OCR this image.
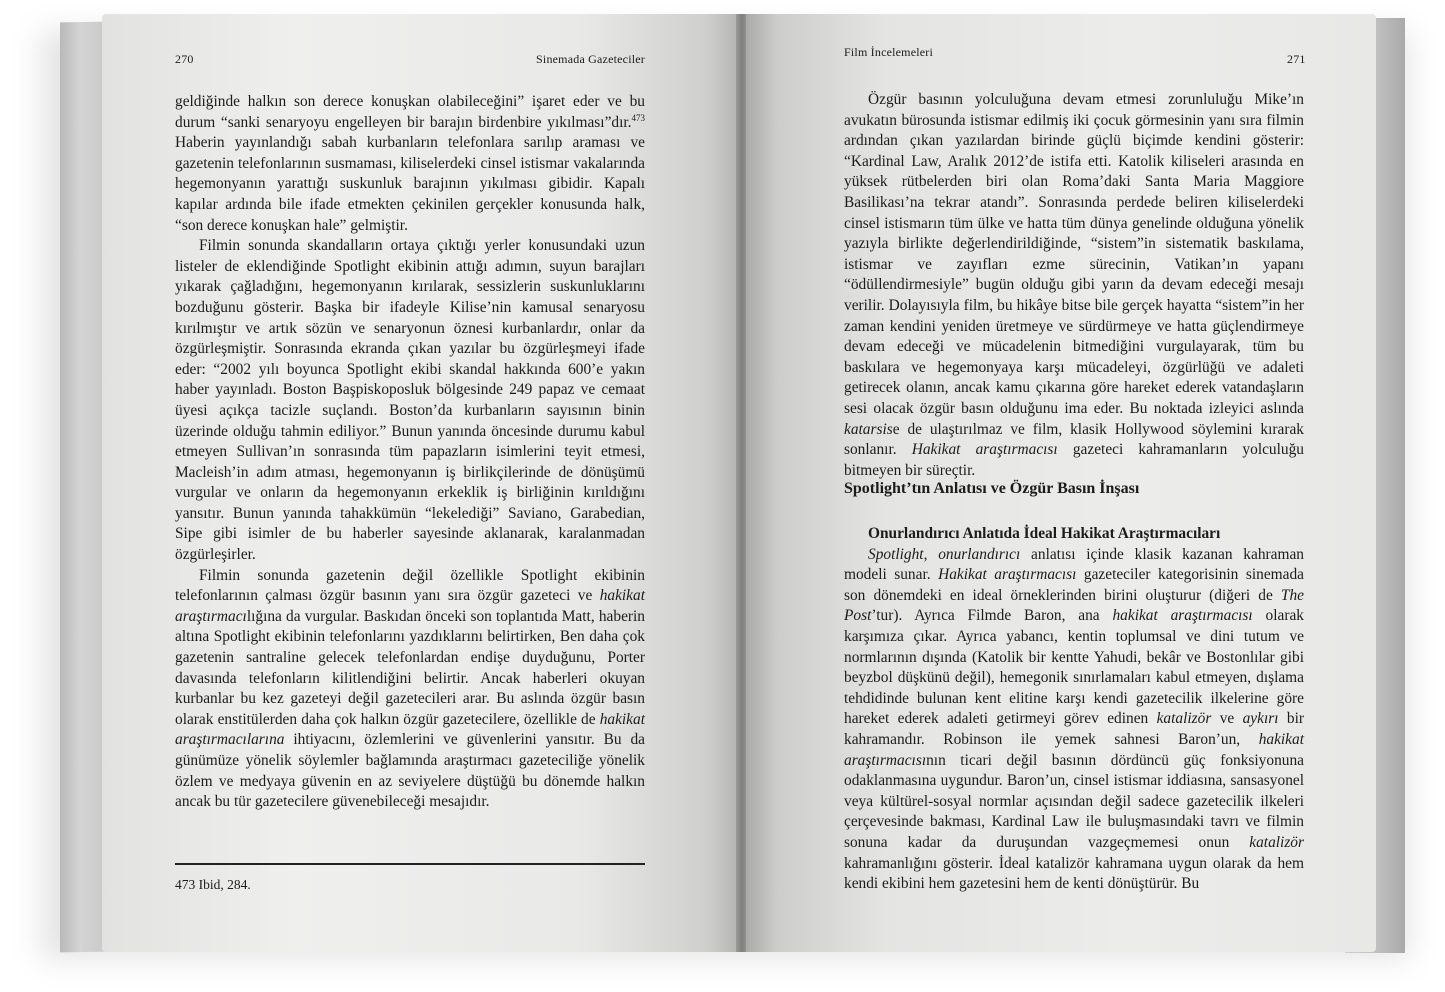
270	Sinemada Gazeteciler

geldiğinde halkın son derece konuşkan olabileceğini” işaret eder ve bu durum “sanki senaryoyu engelleyen bir barajın birdenbire yıkılması”dır.$^{473}$ Haberin yayınlandığı sabah kurbanların telefonlara sarılıp araması ve gazetenin telefonlarının susmaması, kiliselerdeki cinsel istismar vakalarında hegemonyanın yarattığı suskunluk barajının yıkılması gibidir. Kapalı kapılar ardında bile ifade etmekten çekinilen gerçekler konusunda halk, “son derece konuşkan hale” gelmiştir.

Filmin sonunda skandalların ortaya çıktığı yerler konusundaki uzun listeler de eklendiğinde Spotlight ekibinin attığı adımın, suyun barajları yıkarak çağladığını, hegemonyanın kırılarak, sessizlerin suskunluklarını bozduğunu gösterir. Başka bir ifadeyle Kilise’nin kamusal senaryosu kırılmıştır ve artık sözün ve senaryonun öznesi kurbanlardır, onlar da özgürleşmiştir. Sonrasında ekranda çıkan yazılar bu özgürleşmeyi ifade eder: “2002 yılı boyunca Spotlight ekibi skandal hakkında 600’e yakın haber yayınladı. Boston Başpiskoposluk bölgesinde 249 papaz ve cemaat üyesi açıkça tacizle suçlandı. Boston’da kurbanların sayısının binin üzerinde olduğu tahmin ediliyor.” Bunun yanında öncesinde durumu kabul etmeyen Sullivan’ın sonrasında tüm papazların isimlerini teyit etmesi, Macleish’in adım atması, hegemonyanın iş birlikçilerinde de dönüşümü vurgular ve onların da hegemonyanın erkeklik iş birliğinin kırıldığını yansıtır. Bunun yanında tahakkümün “lekelediği” Saviano, Garabedian, Sipe gibi isimler de bu haberler sayesinde aklanarak, karalanmadan özgürleşirler.

Filmin sonunda gazetenin değil özellikle Spotlight ekibinin telefonlarının çalması özgür basının yanı sıra özgür gazeteci ve hakikat araştırmacılığına da vurgular. Baskıdan önceki son toplantıda Matt, haberin altına Spotlight ekibinin telefonlarını yazdıklarını belirtirken, Ben daha çok gazetenin santraline gelecek telefonlardan endişe duyduğunu, Porter davasında telefonların kilitlendiğini belirtir. Ancak haberleri okuyan kurbanlar bu kez gazeteyi değil gazetecileri arar. Bu aslında özgür basın olarak enstitülerden daha çok halkın özgür gazetecilere, özellikle de hakikat araştırmacılarına ihtiyacını, özlemlerini ve güvenlerini yansıtır. Bu da günümüze yönelik söylemler bağlamında araştırmacı gazeteciliğe yönelik özlem ve medyaya güvenin en az seviyelere düştüğü bu dönemde halkın ancak bu tür gazetecilere güvenebileceği mesajıdır.

473 Ibid, 284.
Film İncelemeleri	271

Özgür basının yolculuğuna devam etmesi zorunluluğu Mike’ın avukatın bürosunda istismar edilmiş iki çocuk görmesinin yanı sıra filmin ardından çıkan yazılardan birinde güçlü biçimde kendini gösterir: “Kardinal Law, Aralık 2012’de istifa etti. Katolik kiliseleri arasında en yüksek rütbelerden biri olan Roma’daki Santa Maria Maggiore Basilikası’na tekrar atandı”. Sonrasında perdede beliren kiliselerdeki cinsel istismarın tüm ülke ve hatta tüm dünya genelinde olduğuna yönelik yazıyla birlikte değerlendirildiğinde, “sistem”in sistematik baskılama, istismar ve zayıfları ezme sürecinin, Vatikan’ın yapanı “ödüllendirmesiyle” bugün olduğu gibi yarın da devam edeceği mesajı verilir. Dolayısıyla film, bu hikâye bitse bile gerçek hayatta “sistem”in her zaman kendini yeniden üretmeye ve sürdürmeye ve hatta güçlendirmeye devam edeceği ve mücadelenin bitmediğini vurgulayarak, tüm bu baskılara ve hegemonyaya karşı mücadeleyi, özgürlüğü ve adaleti getirecek olanın, ancak kamu çıkarına göre hareket ederek vatandaşların sesi olacak özgür basın olduğunu ima eder. Bu noktada izleyici aslında katarsise de ulaştırılmaz ve film, klasik Hollywood söylemini kırarak sonlanır. Hakikat araştırmacısı gazeteci kahramanların yolculuğu bitmeyen bir süreçtir.

Spotlight’tın Anlatısı ve Özgür Basın İnşası
Onurlandırıcı Anlatıda İdeal Hakikat Araştırmacıları

Spotlight, onurlandırıcı anlatısı içinde klasik kazanan kahraman modeli sunar. Hakikat araştırmacısı gazeteciler kategorisinin sinemada son dönemdeki en ideal örneklerinden birini oluşturur (diğeri de The Post’tur). Ayrıca Filmde Baron, ana hakikat araştırmacısı olarak karşımıza çıkar. Ayrıca yabancı, kentin toplumsal ve dini tutum ve normlarının dışında (Katolik bir kentte Yahudi, bekâr ve Bostonlılar gibi beyzbol düşkünü değil), hemegonik sınırlamaları kabul etmeyen, dışlama tehdidinde bulunan kent elitine karşı kendi gazetecilik ilkelerine göre hareket ederek adaleti getirmeyi görev edinen katalizör ve aykırı bir kahramandır. Robinson ile yemek sahnesi Baron’un, hakikat araştırmacısının ticari değil basının dördüncü güç fonksiyonuna odaklanmasına uygundur. Baron’un, cinsel istismar iddiasına, sansasyonel veya kültürel-sosyal normlar açısından değil sadece gazetecilik ilkeleri çerçevesinde bakması, Kardinal Law ile buluşmasındaki tavrı ve filmin sonuna kadar da duruşundan vazgeçmemesi onun katalizör kahramanlığını gösterir. İdeal katalizör kahramana uygun olarak da hem kendi ekibini hem gazetesini hem de kenti dönüştürür. Bu
